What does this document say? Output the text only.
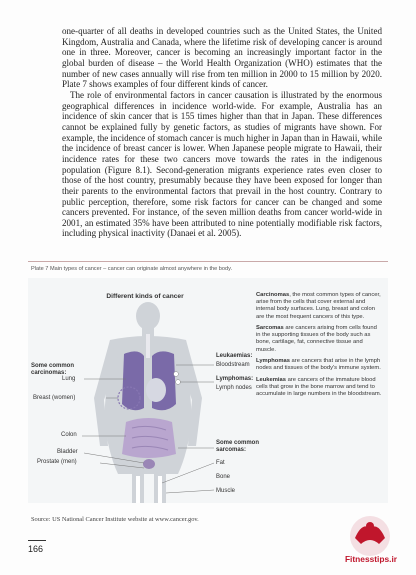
one-quarter of all deaths in developed countries such as the United States, the United Kingdom, Australia and Canada, where the lifetime risk of developing cancer is around one in three. Moreover, cancer is becoming an increasingly important factor in the global burden of disease – the World Health Organization (WHO) estimates that the number of new cases annually will rise from ten million in 2000 to 15 million by 2020. Plate 7 shows examples of four different kinds of cancer.

The role of environmental factors in cancer causation is illustrated by the enormous geographical differences in incidence world-wide. For example, Australia has an incidence of skin cancer that is 155 times higher than that in Japan. These differences cannot be explained fully by genetic factors, as studies of migrants have shown. For example, the incidence of stomach cancer is much higher in Japan than in Hawaii, while the incidence of breast cancer is lower. When Japanese people migrate to Hawaii, their incidence rates for these two cancers move towards the rates in the indigenous population (Figure 8.1). Second-generation migrants experience rates even closer to those of the host country, presumably because they have been exposed for longer than their parents to the environmental factors that prevail in the host country. Contrary to public perception, therefore, some risk factors for cancer can be changed and some cancers prevented. For instance, of the seven million deaths from cancer world-wide in 2001, an estimated 35% have been attributed to nine potentially modifiable risk factors, including physical inactivity (Danaei et al. 2005).

Plate 7 Main types of cancer – cancer can originate almost anywhere in the body.
Different kinds of cancer
Some common carcinomas:
Lung
Breast (women)
Colon
Bladder
Prostate (men)
Leukaemias:
Bloodstream
Lymphomas:
Lymph nodes
Some common sarcomas:
Fat
Bone
Muscle

Carcinomas, the most common types of cancer, arise from the cells that cover external and internal body surfaces. Lung, breast and colon are the most frequent cancers of this type.

Sarcomas are cancers arising from cells found in the supporting tissues of the body such as bone, cartilage, fat, connective tissue and muscle.

Lymphomas are cancers that arise in the lymph nodes and tissues of the body's immune system.

Leukemias are cancers of the immature blood cells that grow in the bone marrow and tend to accumulate in large numbers in the bloodstream.

Source: US National Cancer Institute website at www.cancer.gov.
166
Fitnesstips.ir
